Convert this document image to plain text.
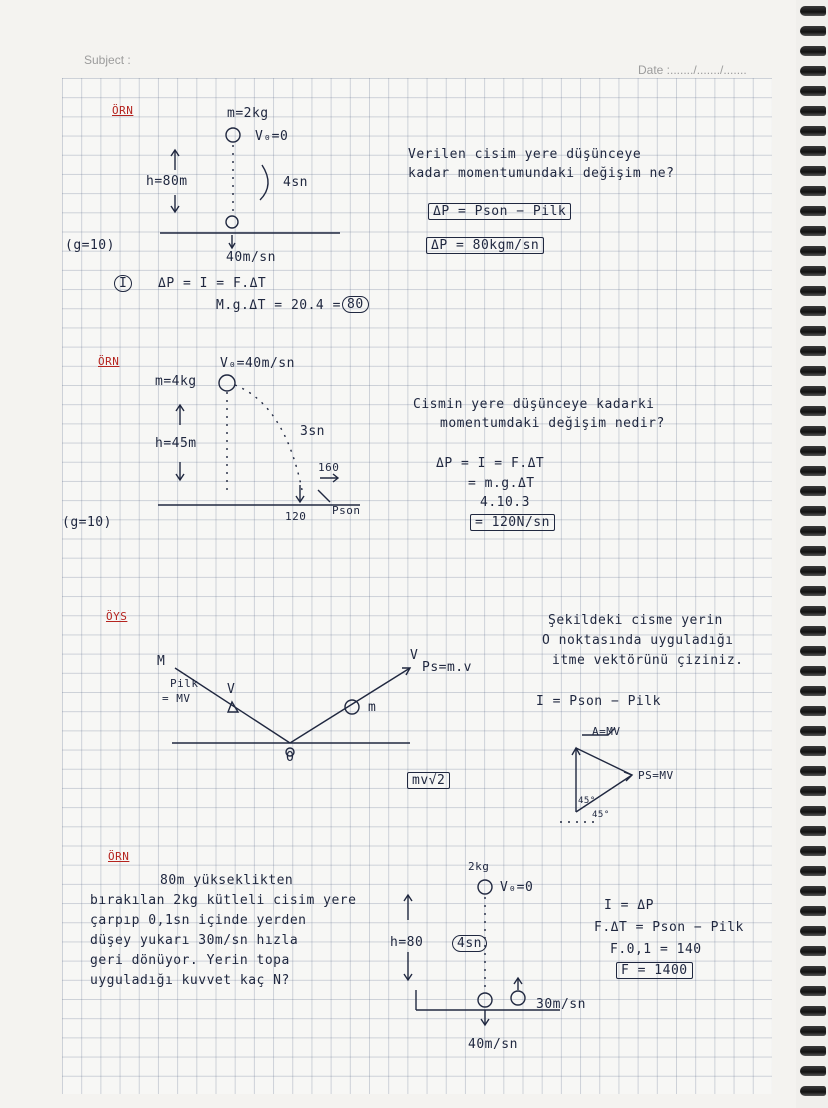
Subject :
Date :......./......./.......
ÖRN	m=2kg
V₀=0
h=80m	4sn
40m/sn
(g=10)
I	ΔP = I = F.ΔT
M.g.ΔT = 20.4 = 80
Verilen cisim yere düşünceye
kadar momentumundaki değişim ne?
ΔP = Pson − Pilk
ΔP = 80kgm/sn
ÖRN	V₀=40m/sn
m=4kg
h=45m
3sn
160
120 Pson
(g=10)
Cismin yere düşünceye kadarki
momentumdaki değişim nedir?
ΔP = I = F.ΔT
= m.g.ΔT
4.10.3
= 120N/sn
ÖYS
M
Pilk
= MV
V
V
Ps=m.v
m
O
mv√2
Şekildeki cisme yerin
O noktasında uyguladığı
itme vektörünü çiziniz.
I = Pson − Pilk
A=MV
PS=MV
45°
45°
ÖRN
80m yükseklikten
bırakılan 2kg kütleli cisim yere
çarpıp 0,1sn içinde yerden
düşey yukarı 30m/sn hızla
geri dönüyor. Yerin topa
uyguladığı kuvvet kaç N?
2kg
V₀=0
h=80	4sn
30m/sn
40m/sn
I = ΔP
F.ΔT = Pson − Pilk
F.0,1 = 140
F = 1400
